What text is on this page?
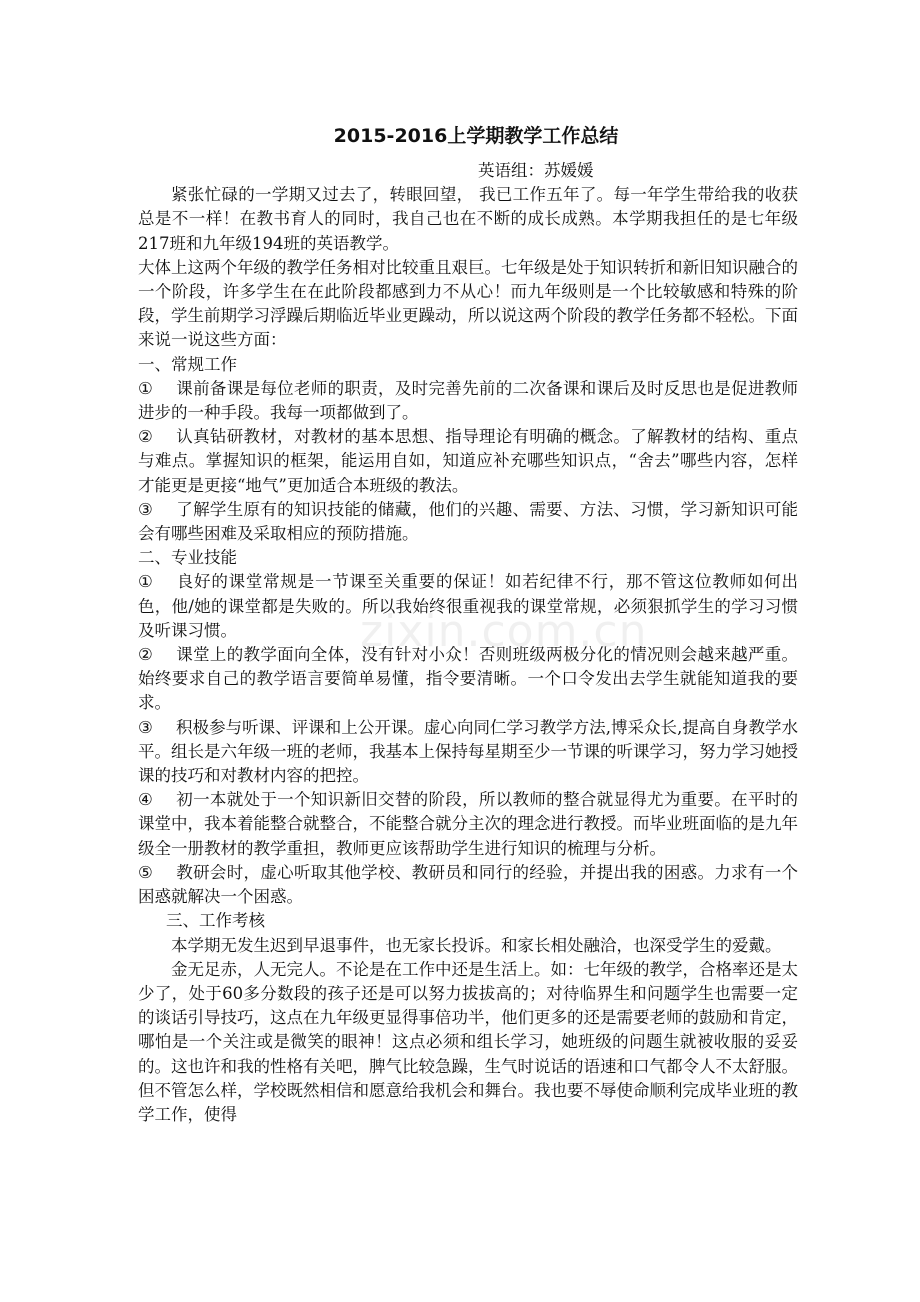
zixin.com.cn
2015-2016上学期教学工作总结

英语组：苏媛媛

紧张忙碌的一学期又过去了，转眼回望， 我已工作五年了。每一年学生带给我的收获总是不一样！在教书育人的同时，我自己也在不断的成长成熟。本学期我担任的是七年级217班和九年级194班的英语教学。

大体上这两个年级的教学任务相对比较重且艰巨。七年级是处于知识转折和新旧知识融合的一个阶段，许多学生在在此阶段都感到力不从心！而九年级则是一个比较敏感和特殊的阶段，学生前期学习浮躁后期临近毕业更躁动，所以说这两个阶段的教学任务都不轻松。下面来说一说这些方面：

一、常规工作

① 课前备课是每位老师的职责，及时完善先前的二次备课和课后及时反思也是促进教师进步的一种手段。我每一项都做到了。

② 认真钻研教材，对教材的基本思想、指导理论有明确的概念。了解教材的结构、重点与难点。掌握知识的框架，能运用自如，知道应补充哪些知识点，“舍去”哪些内容，怎样才能更是更接“地气”更加适合本班级的教法。

③ 了解学生原有的知识技能的储藏，他们的兴趣、需要、方法、习惯，学习新知识可能会有哪些困难及采取相应的预防措施。

二、专业技能

① 良好的课堂常规是一节课至关重要的保证！如若纪律不行，那不管这位教师如何出色，他/她的课堂都是失败的。所以我始终很重视我的课堂常规，必须狠抓学生的学习习惯及听课习惯。

② 课堂上的教学面向全体，没有针对小众！否则班级两极分化的情况则会越来越严重。始终要求自己的教学语言要简单易懂，指令要清晰。一个口令发出去学生就能知道我的要求。

③ 积极参与听课、评课和上公开课。虚心向同仁学习教学方法,博采众长,提高自身教学水平。组长是六年级一班的老师，我基本上保持每星期至少一节课的听课学习，努力学习她授课的技巧和对教材内容的把控。

④ 初一本就处于一个知识新旧交替的阶段，所以教师的整合就显得尤为重要。在平时的课堂中，我本着能整合就整合，不能整合就分主次的理念进行教授。而毕业班面临的是九年级全一册教材的教学重担，教师更应该帮助学生进行知识的梳理与分析。

⑤ 教研会时，虚心听取其他学校、教研员和同行的经验，并提出我的困惑。力求有一个困惑就解决一个困惑。

三、工作考核

本学期无发生迟到早退事件，也无家长投诉。和家长相处融洽，也深受学生的爱戴。

金无足赤，人无完人。不论是在工作中还是生活上。如：七年级的教学，合格率还是太少了，处于60多分数段的孩子还是可以努力拔拔高的；对待临界生和问题学生也需要一定的谈话引导技巧，这点在九年级更显得事倍功半，他们更多的还是需要老师的鼓励和肯定，哪怕是一个关注或是微笑的眼神！这点必须和组长学习，她班级的问题生就被收服的妥妥的。这也许和我的性格有关吧，脾气比较急躁，生气时说话的语速和口气都令人不太舒服。但不管怎么样，学校既然相信和愿意给我机会和舞台。我也要不辱使命顺利完成毕业班的教学工作，使得
